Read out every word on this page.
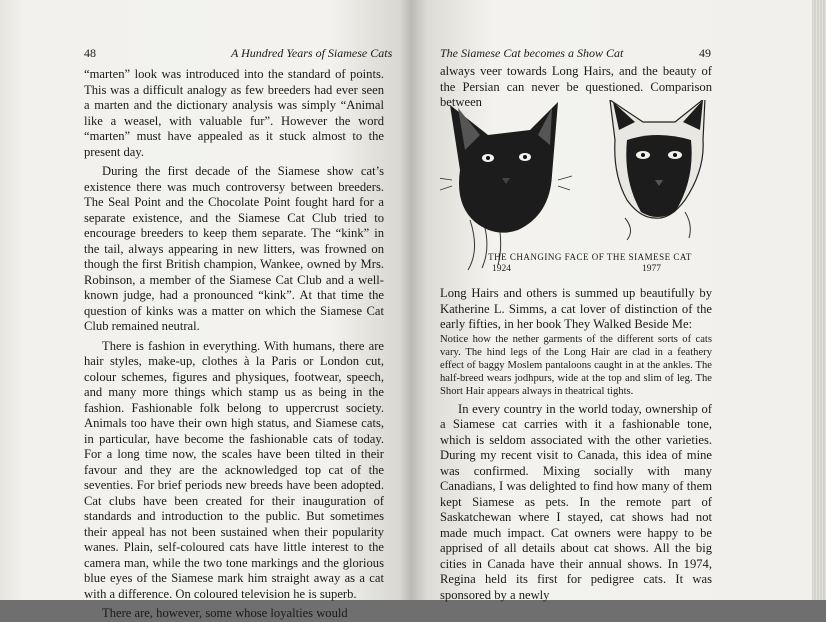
48	A Hundred Years of Siamese Cats

“marten” look was introduced into the standard of points. This was a difficult analogy as few breeders had ever seen a marten and the dictionary analysis was simply “Animal like a weasel, with valuable fur”. However the word “marten” must have appealed as it stuck almost to the present day.

During the first decade of the Siamese show cat’s existence there was much controversy between breeders. The Seal Point and the Chocolate Point fought hard for a separate existence, and the Siamese Cat Club tried to encourage breeders to keep them separate. The “kink” in the tail, always appearing in new litters, was frowned on though the first British champion, Wankee, owned by Mrs. Robinson, a member of the Siamese Cat Club and a well-known judge, had a pronounced “kink”. At that time the question of kinks was a matter on which the Siamese Cat Club remained neutral.

There is fashion in everything. With humans, there are hair styles, make-up, clothes à la Paris or London cut, colour schemes, figures and physiques, footwear, speech, and many more things which stamp us as being in the fashion. Fashionable folk belong to uppercrust society. Animals too have their own high status, and Siamese cats, in particular, have become the fashionable cats of today. For a long time now, the scales have been tilted in their favour and they are the acknowledged top cat of the seventies. For brief periods new breeds have been adopted. Cat clubs have been created for their inauguration of standards and introduction to the public. But sometimes their appeal has not been sustained when their popularity wanes. Plain, self-coloured cats have little interest to the camera man, while the two tone markings and the glorious blue eyes of the Siamese mark him straight away as a cat with a difference. On coloured television he is superb.

There are, however, some whose loyalties would

The Siamese Cat becomes a Show Cat	49

always veer towards Long Hairs, and the beauty of the Persian can never be questioned. Comparison between

THE CHANGING FACE OF THE SIAMESE CAT
1924	1977

Long Hairs and others is summed up beautifully by Katherine L. Simms, a cat lover of distinction of the early fifties, in her book They Walked Beside Me:

Notice how the nether garments of the different sorts of cats vary. The hind legs of the Long Hair are clad in a feathery effect of baggy Moslem pantaloons caught in at the ankles. The half-breed wears jodhpurs, wide at the top and slim of leg. The Short Hair appears always in theatrical tights.

In every country in the world today, ownership of a Siamese cat carries with it a fashionable tone, which is seldom associated with the other varieties. During my recent visit to Canada, this idea of mine was confirmed. Mixing socially with many Canadians, I was delighted to find how many of them kept Siamese as pets. In the remote part of Saskatchewan where I stayed, cat shows had not made much impact. Cat owners were happy to be apprised of all details about cat shows. All the big cities in Canada have their annual shows. In 1974, Regina held its first for pedigree cats. It was sponsored by a newly
